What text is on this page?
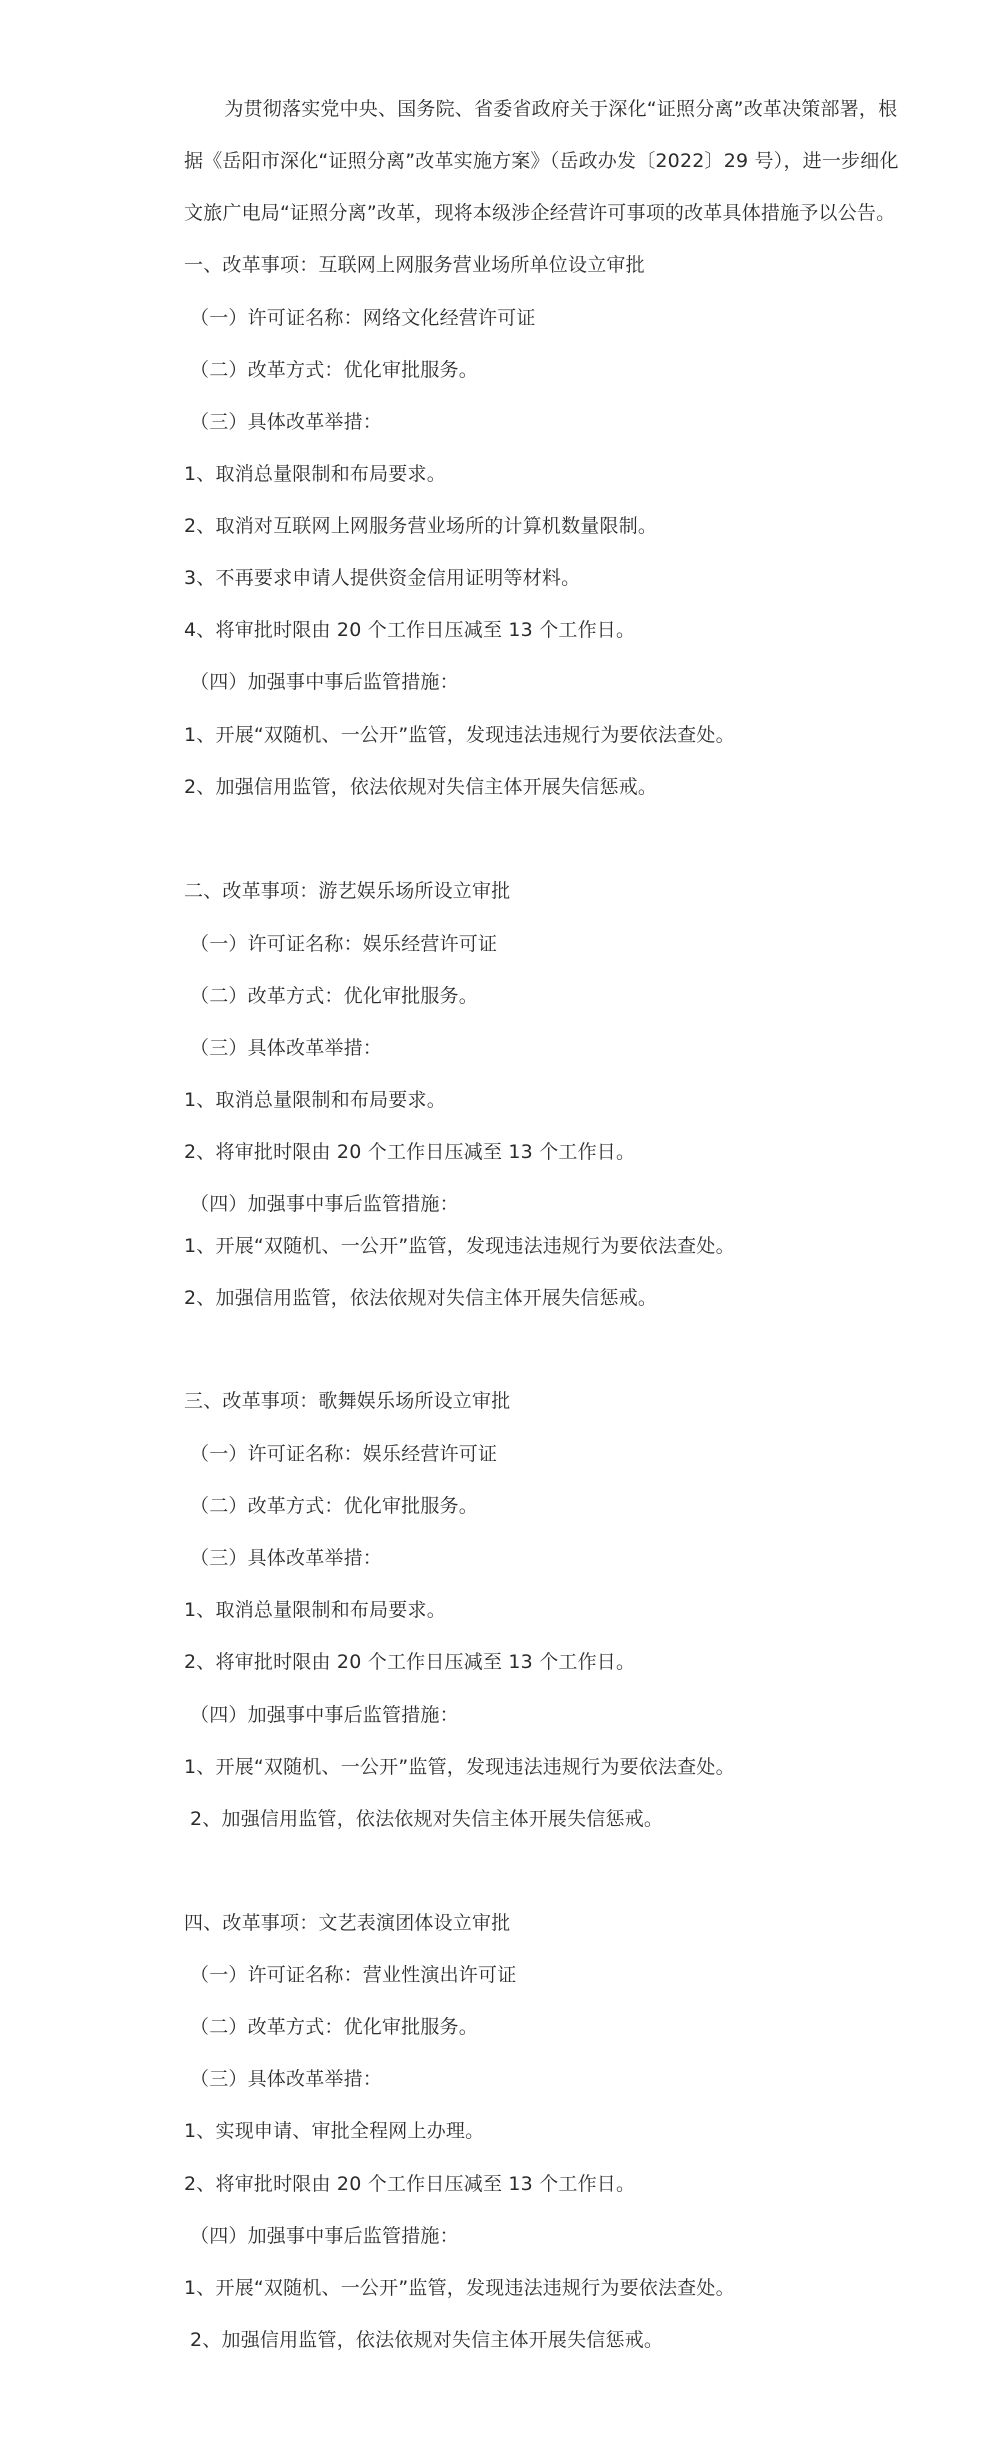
　　为贯彻落实党中央、国务院、省委省政府关于深化“证照分离”改革决策部署，根
据《岳阳市深化“证照分离”改革实施方案》（岳政办发〔2022〕29 号），进一步细化
文旅广电局“证照分离”改革，现将本级涉企经营许可事项的改革具体措施予以公告。
一、改革事项：互联网上网服务营业场所单位设立审批
（一）许可证名称：网络文化经营许可证
（二）改革方式：优化审批服务。
（三）具体改革举措：
1、取消总量限制和布局要求。
2、取消对互联网上网服务营业场所的计算机数量限制。
3、不再要求申请人提供资金信用证明等材料。
4、将审批时限由 20 个工作日压减至 13 个工作日。
（四）加强事中事后监管措施：
1、开展“双随机、一公开”监管，发现违法违规行为要依法查处。
2、加强信用监管，依法依规对失信主体开展失信惩戒。
二、改革事项：游艺娱乐场所设立审批
（一）许可证名称：娱乐经营许可证
（二）改革方式：优化审批服务。
（三）具体改革举措：
1、取消总量限制和布局要求。
2、将审批时限由 20 个工作日压减至 13 个工作日。
（四）加强事中事后监管措施：
1、开展“双随机、一公开”监管，发现违法违规行为要依法查处。
2、加强信用监管，依法依规对失信主体开展失信惩戒。
三、改革事项：歌舞娱乐场所设立审批
（一）许可证名称：娱乐经营许可证
（二）改革方式：优化审批服务。
（三）具体改革举措：
1、取消总量限制和布局要求。
2、将审批时限由 20 个工作日压减至 13 个工作日。
（四）加强事中事后监管措施：
1、开展“双随机、一公开”监管，发现违法违规行为要依法查处。
2、加强信用监管，依法依规对失信主体开展失信惩戒。
四、改革事项：文艺表演团体设立审批
（一）许可证名称：营业性演出许可证
（二）改革方式：优化审批服务。
（三）具体改革举措：
1、实现申请、审批全程网上办理。
2、将审批时限由 20 个工作日压减至 13 个工作日。
（四）加强事中事后监管措施：
1、开展“双随机、一公开”监管，发现违法违规行为要依法查处。
2、加强信用监管，依法依规对失信主体开展失信惩戒。
